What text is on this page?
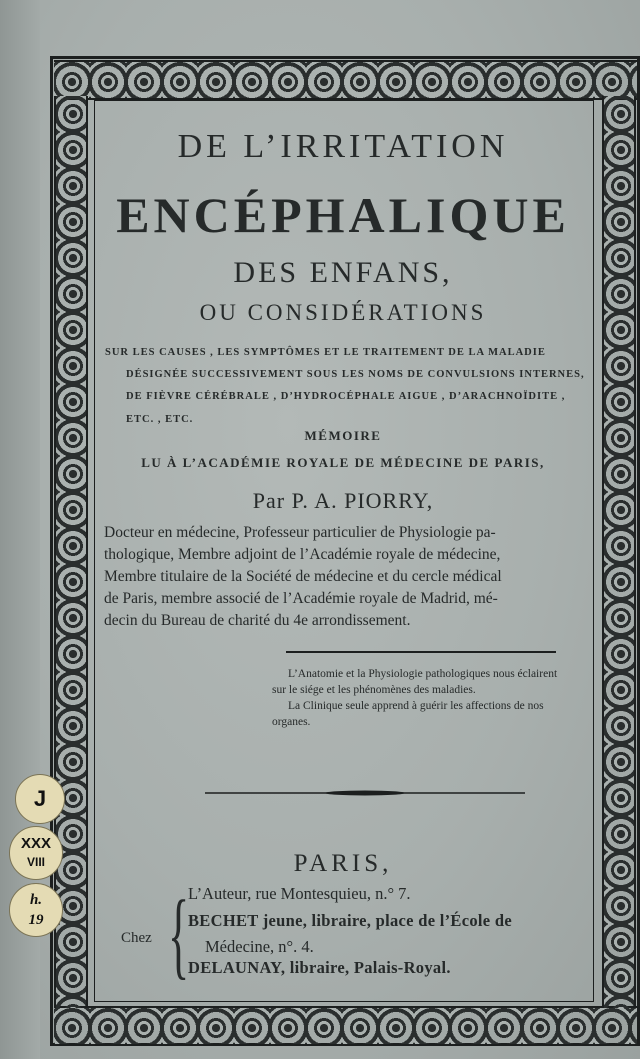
DE L’IRRITATION
ENCÉPHALIQUE
DES ENFANS,
OU CONSIDÉRATIONS
SUR LES CAUSES , LES SYMPTÔMES ET LE TRAITEMENT DE LA MALADIE
DÉSIGNÉE SUCCESSIVEMENT SOUS LES NOMS DE CONVULSIONS INTERNES,
DE FIÈVRE CÉRÉBRALE , D’HYDROCÉPHALE AIGUE , D’ARACHNOÏDITE ,
ETC. , ETC.
MÉMOIRE
LU À L’ACADÉMIE ROYALE DE MÉDECINE DE PARIS,
Par P. A. PIORRY,
Docteur en médecine, Professeur particulier de Physiologie pa-
thologique, Membre adjoint de l’Académie royale de médecine,
Membre titulaire de la Société de médecine et du cercle médical
de Paris, membre associé de l’Académie royale de Madrid, mé-
decin du Bureau de charité du 4e arrondissement.
L’Anatomie et la Physiologie pathologiques nous éclairent sur le siége et les phénomènes des maladies.
La Clinique seule apprend à guérir les affections de nos organes.
PARIS,
Chez {
L’Auteur, rue Montesquieu, n.° 7.
BECHET jeune, libraire, place de l’École de
Médecine, n°. 4.
DELAUNAY, libraire, Palais-Royal.
J
XXX
VIII
h.
19
